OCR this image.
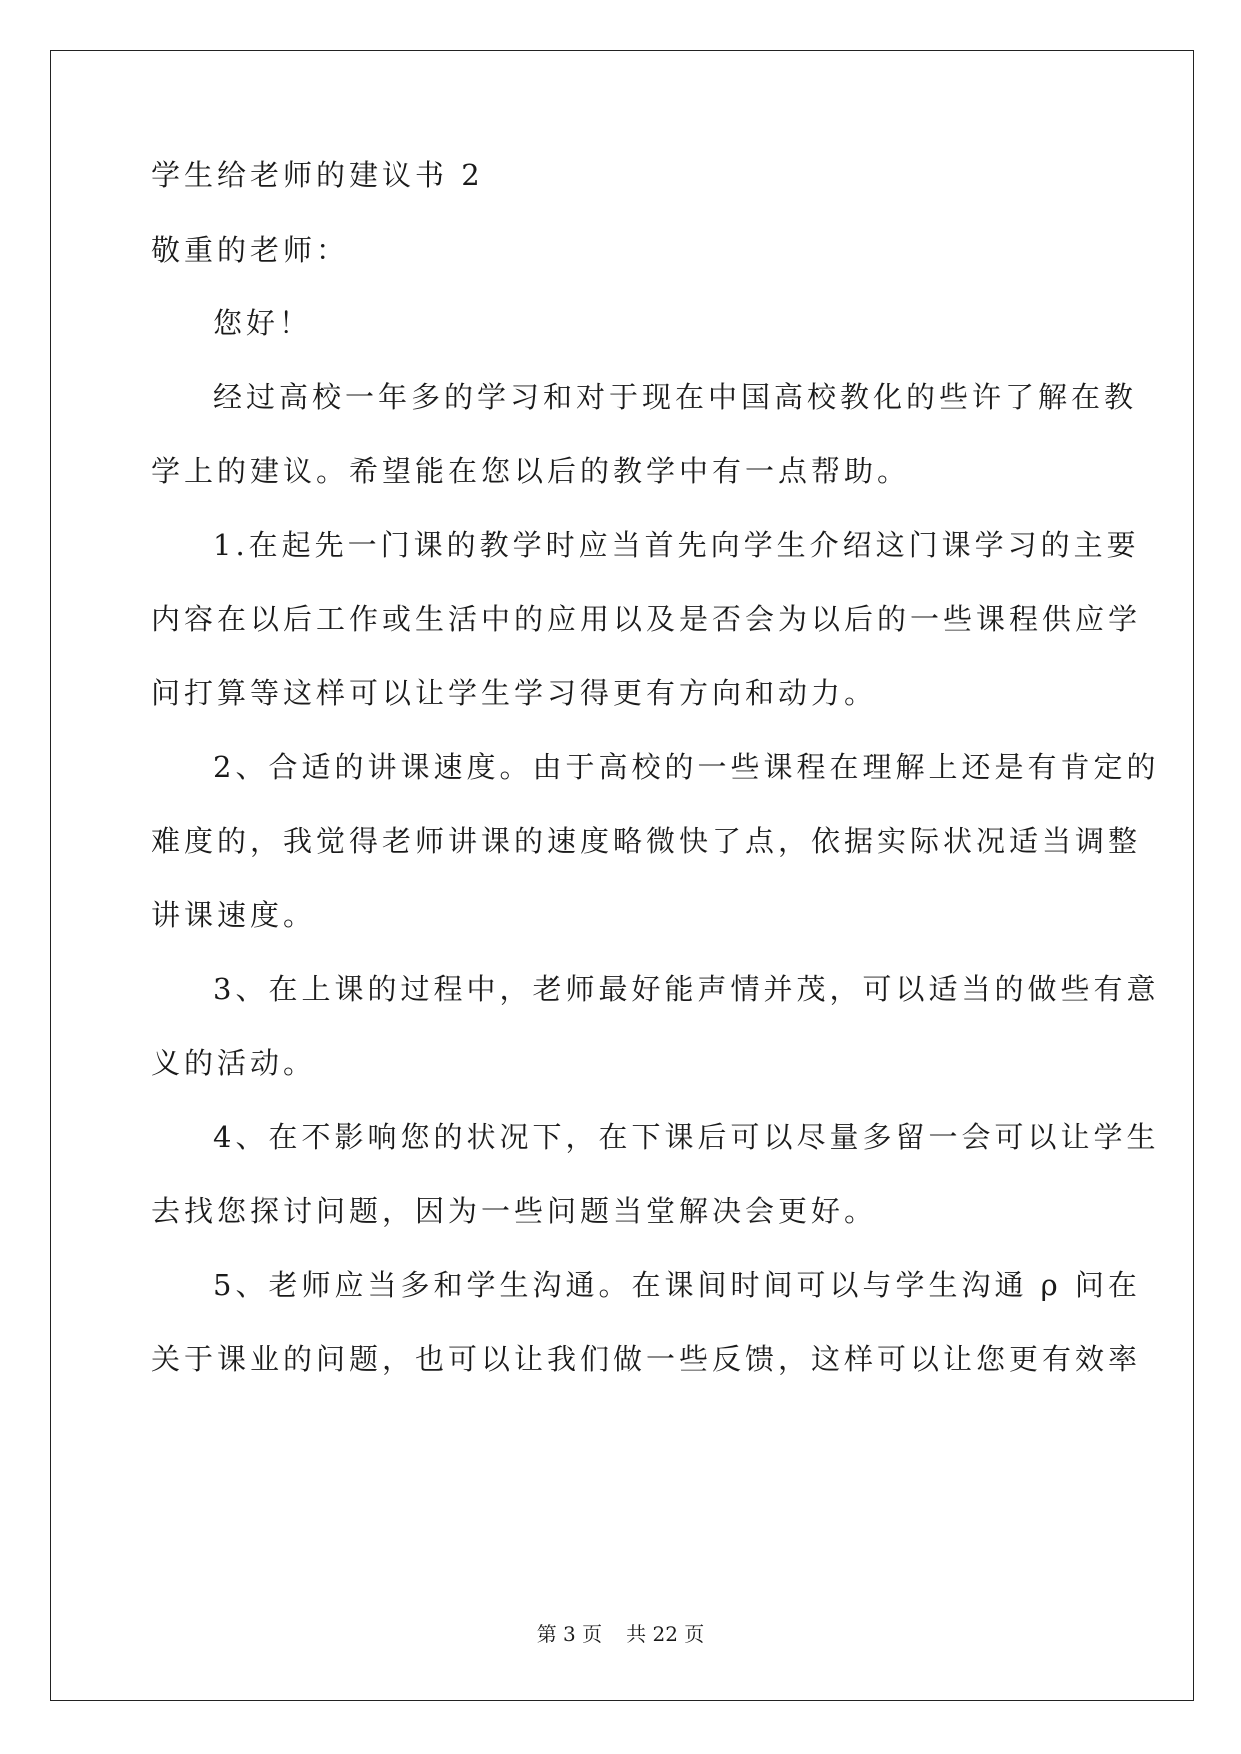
学生给老师的建议书 2

敬重的老师：

您好！

经过高校一年多的学习和对于现在中国高校教化的些许了解在教

学上的建议。希望能在您以后的教学中有一点帮助。

1.在起先一门课的教学时应当首先向学生介绍这门课学习的主要

内容在以后工作或生活中的应用以及是否会为以后的一些课程供应学

问打算等这样可以让学生学习得更有方向和动力。

2、合适的讲课速度。由于高校的一些课程在理解上还是有肯定的

难度的，我觉得老师讲课的速度略微快了点，依据实际状况适当调整

讲课速度。

3、在上课的过程中，老师最好能声情并茂，可以适当的做些有意

义的活动。

4、在不影响您的状况下，在下课后可以尽量多留一会可以让学生

去找您探讨问题，因为一些问题当堂解决会更好。

5、老师应当多和学生沟通。在课间时间可以与学生沟通 ρ 问在

关于课业的问题，也可以让我们做一些反馈，这样可以让您更有效率

第 3 页 共 22 页
